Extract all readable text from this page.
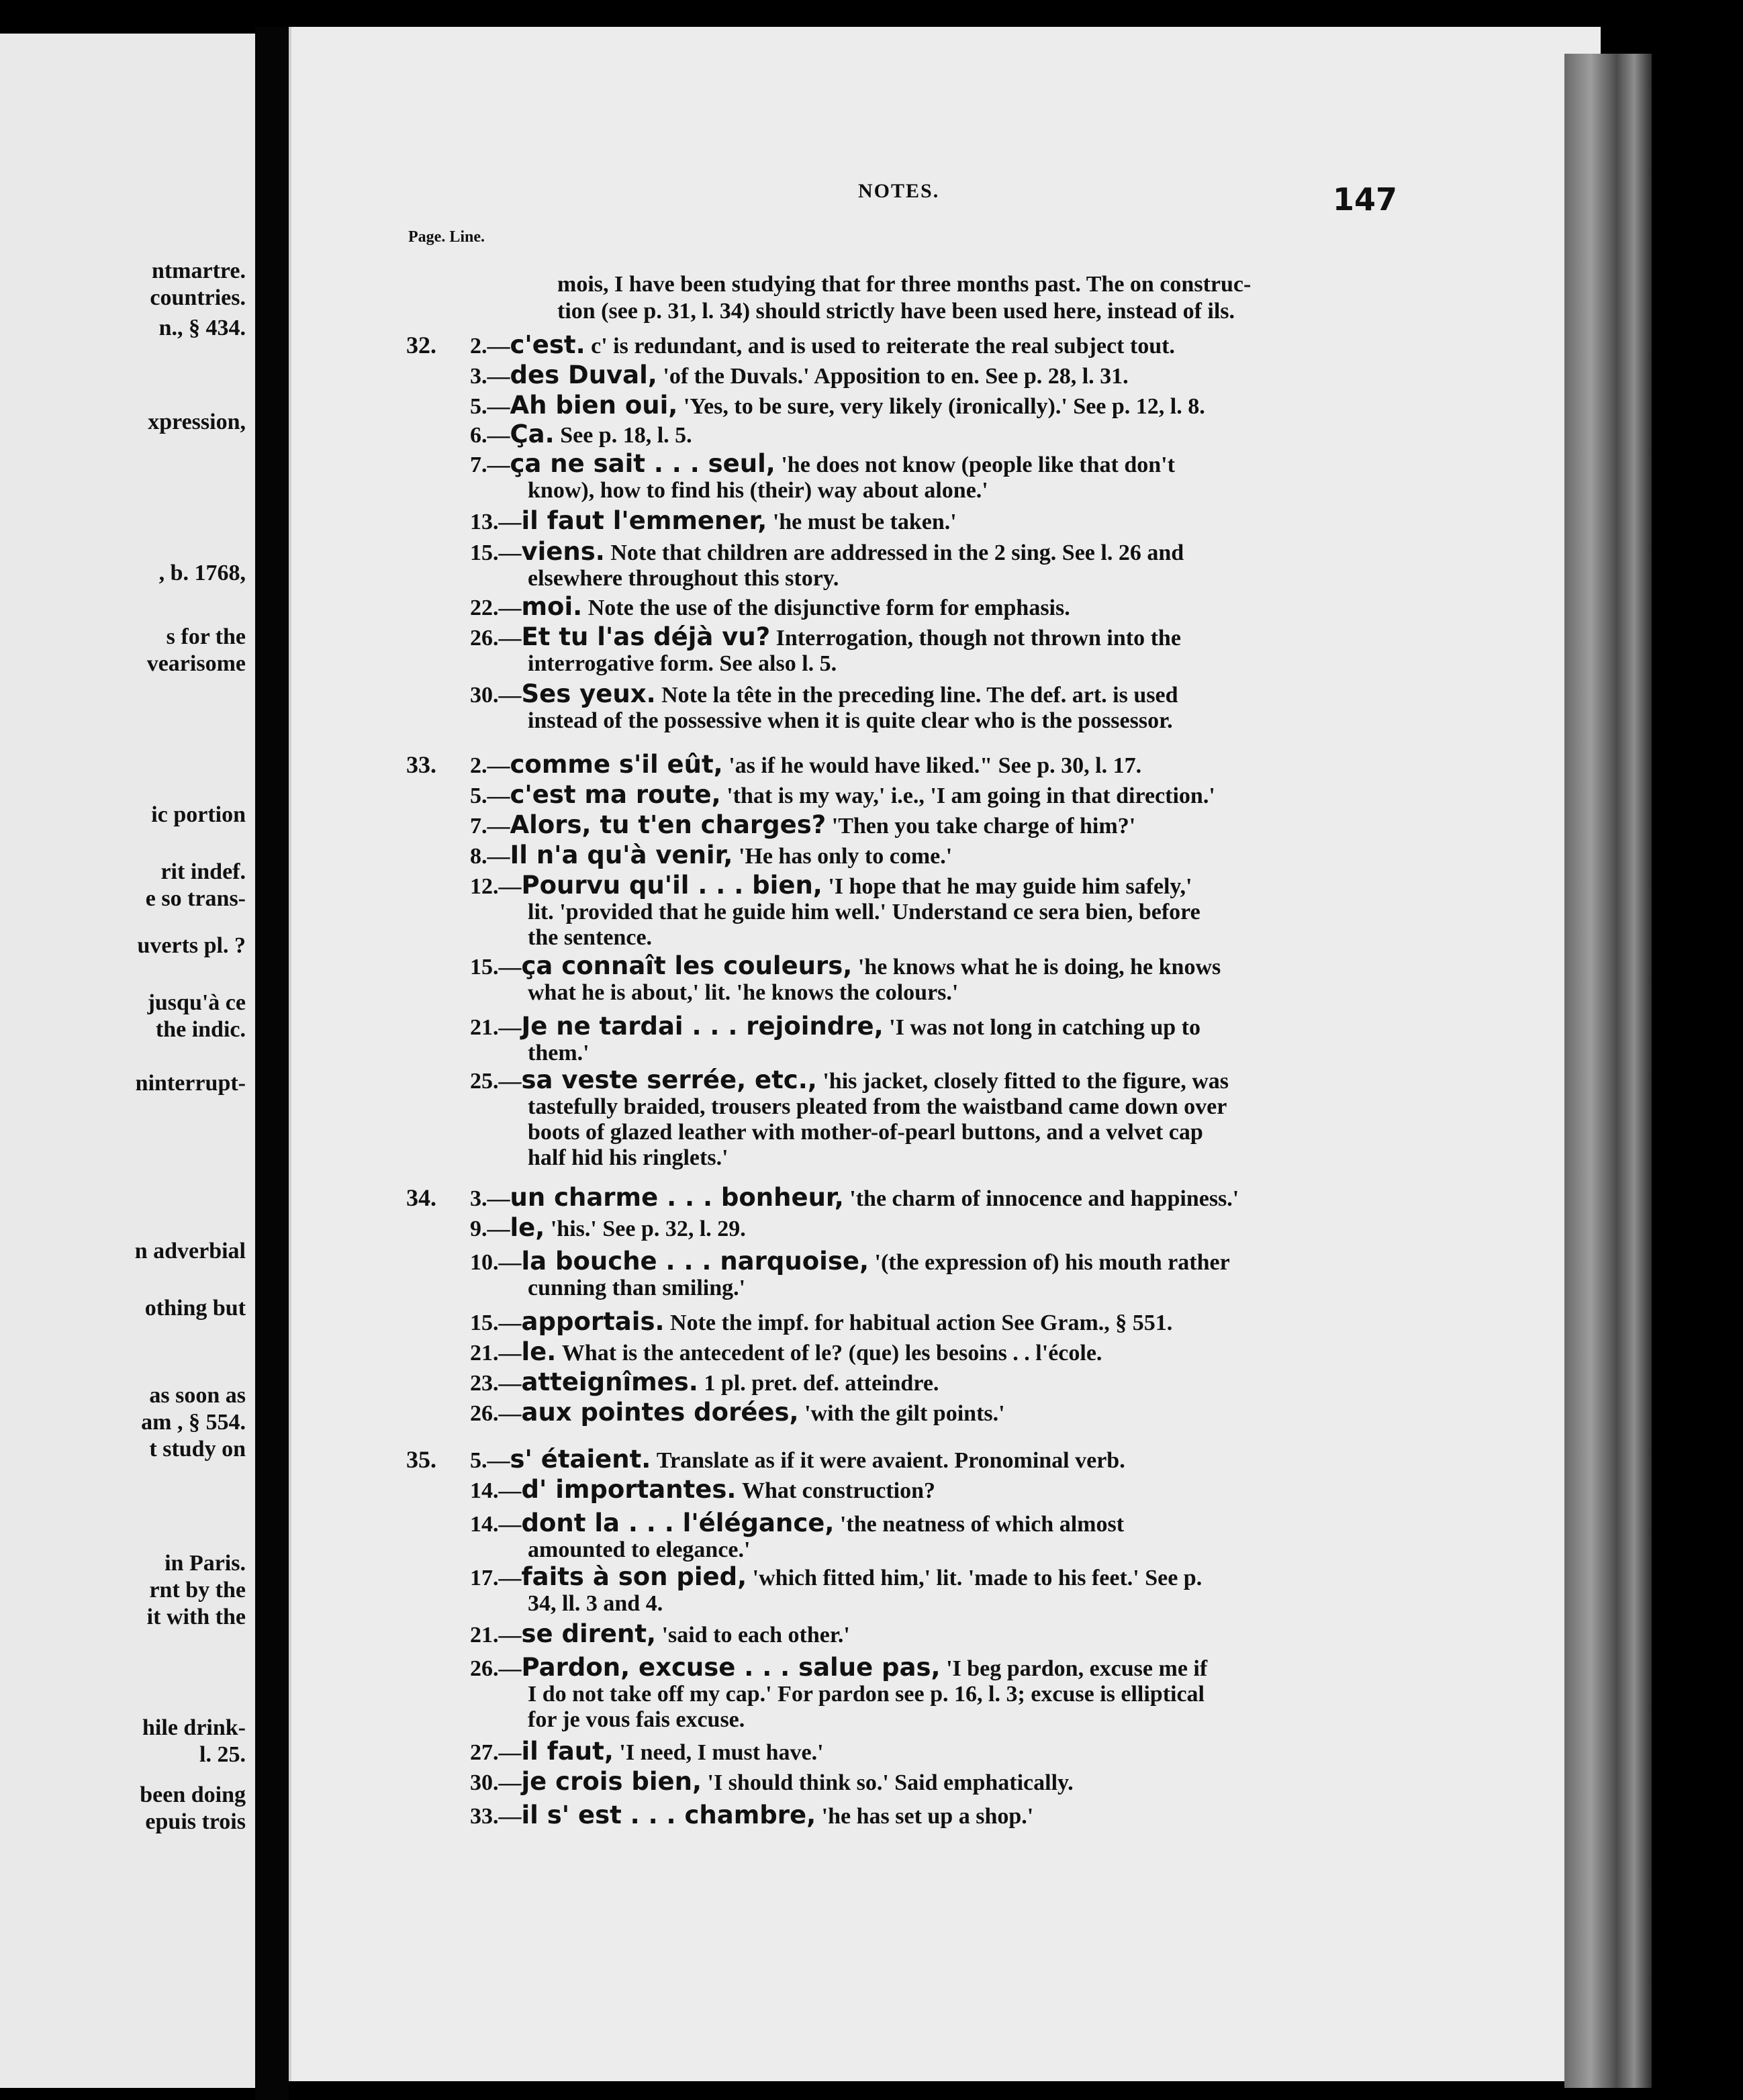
ntmartre.
countries.
n., § 434.
xpression,
, b. 1768,
s for the
vearisome
ic portion
rit indef.
e so trans-
uverts pl. ?
jusqu'à ce
the indic.
ninterrupt-
n adverbial
othing but
as soon as
am , § 554.
t study on
in Paris.
rnt by the
it with the
hile drink-
l. 25.
been doing
epuis trois
NOTES.	147
Page. Line.
mois, I have been studying that for three months past. The on construc-
tion (see p. 31, l. 34) should strictly have been used here, instead of ils.
32. 2.—c'est. c' is redundant, and is used to reiterate the real subject tout.
3.—des Duval, 'of the Duvals.' Apposition to en. See p. 28, l. 31.
5.—Ah bien oui, 'Yes, to be sure, very likely (ironically).' See p. 12, l. 8.
6.—Ça. See p. 18, l. 5.
7.—ça ne sait . . . seul, 'he does not know (people like that don't
know), how to find his (their) way about alone.'
13.—il faut l'emmener, 'he must be taken.'
15.—viens. Note that children are addressed in the 2 sing. See l. 26 and
elsewhere throughout this story.
22.—moi. Note the use of the disjunctive form for emphasis.
26.—Et tu l'as déjà vu? Interrogation, though not thrown into the
interrogative form. See also l. 5.
30.—Ses yeux. Note la tête in the preceding line. The def. art. is used
instead of the possessive when it is quite clear who is the possessor.
33. 2.—comme s'il eût, 'as if he would have liked." See p. 30, l. 17.
5.—c'est ma route, 'that is my way,' i.e., 'I am going in that direction.'
7.—Alors, tu t'en charges? 'Then you take charge of him?'
8.—Il n'a qu'à venir, 'He has only to come.'
12.—Pourvu qu'il . . . bien, 'I hope that he may guide him safely,'
lit. 'provided that he guide him well.' Understand ce sera bien, before
the sentence.
15.—ça connaît les couleurs, 'he knows what he is doing, he knows
what he is about,' lit. 'he knows the colours.'
21.—Je ne tardai . . . rejoindre, 'I was not long in catching up to
them.'
25.—sa veste serrée, etc., 'his jacket, closely fitted to the figure, was
tastefully braided, trousers pleated from the waistband came down over
boots of glazed leather with mother-of-pearl buttons, and a velvet cap
half hid his ringlets.'
34. 3.—un charme . . . bonheur, 'the charm of innocence and happiness.'
9.—le, 'his.' See p. 32, l. 29.
10.—la bouche . . . narquoise, '(the expression of) his mouth rather
cunning than smiling.'
15.—apportais. Note the impf. for habitual action See Gram., § 551.
21.—le. What is the antecedent of le? (que) les besoins . . l'école.
23.—atteignîmes. 1 pl. pret. def. atteindre.
26.—aux pointes dorées, 'with the gilt points.'
35. 5.—s' étaient. Translate as if it were avaient. Pronominal verb.
14.—d' importantes. What construction?
14.—dont la . . . l'élégance, 'the neatness of which almost
amounted to elegance.'
17.—faits à son pied, 'which fitted him,' lit. 'made to his feet.' See p.
34, ll. 3 and 4.
21.—se dirent, 'said to each other.'
26.—Pardon, excuse . . . salue pas, 'I beg pardon, excuse me if
I do not take off my cap.' For pardon see p. 16, l. 3; excuse is elliptical
for je vous fais excuse.
27.—il faut, 'I need, I must have.'
30.—je crois bien, 'I should think so.' Said emphatically.
33.—il s' est . . . chambre, 'he has set up a shop.'
